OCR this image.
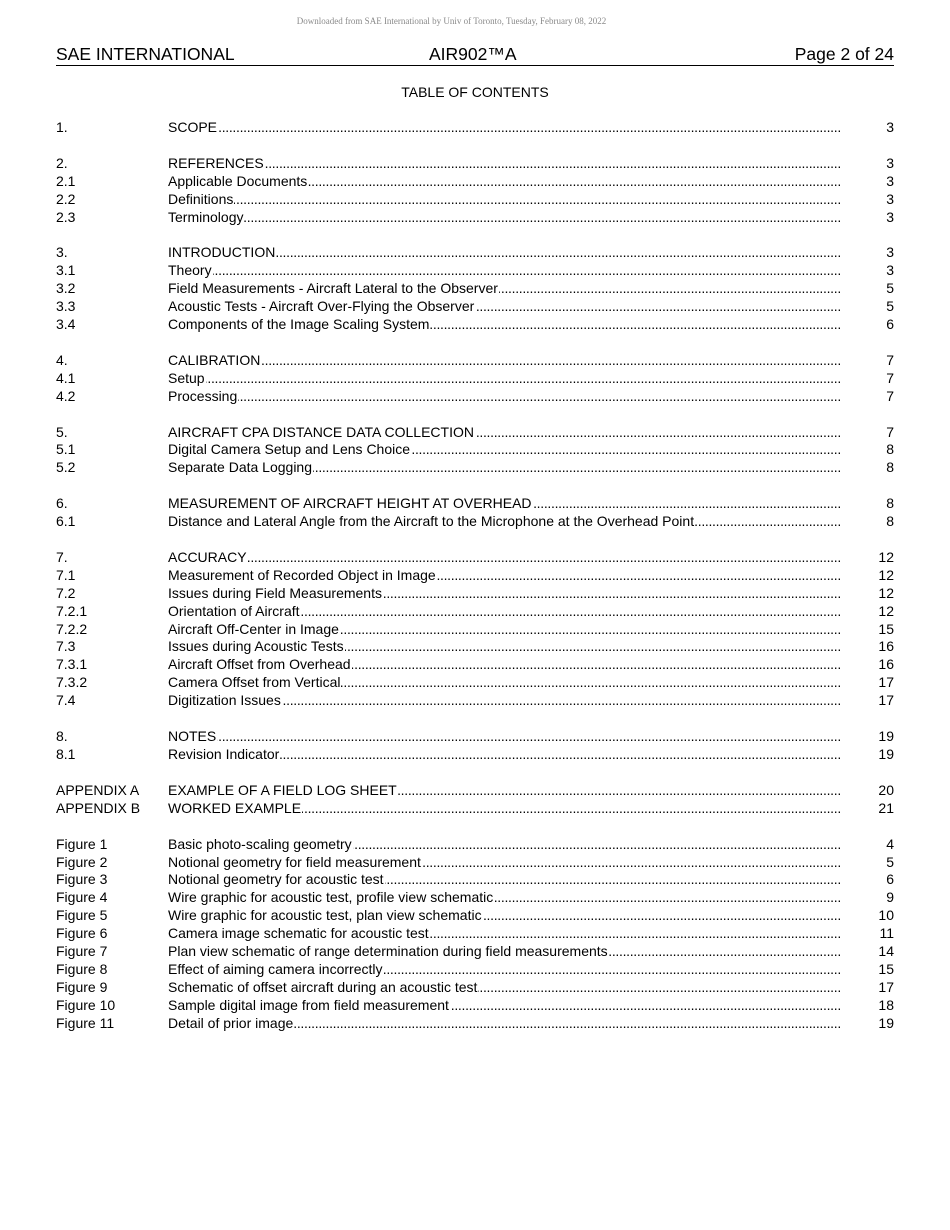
Downloaded from SAE International by Univ of Toronto, Tuesday, February 08, 2022
SAE INTERNATIONAL	AIR902™A	Page 2 of 24
TABLE OF CONTENTS
1.	SCOPE . . .	3
2.	REFERENCES . . .	3
2.1	Applicable Documents . . .	3
2.2	Definitions . . .	3
2.3	Terminology . . .	3
3.	INTRODUCTION . . .	3
3.1	Theory . . .	3
3.2	Field Measurements - Aircraft Lateral to the Observer . . .	5
3.3	Acoustic Tests - Aircraft Over-Flying the Observer . . .	5
3.4	Components of the Image Scaling System . . .	6
4.	CALIBRATION . . .	7
4.1	Setup . . .	7
4.2	Processing . . .	7
5.	AIRCRAFT CPA DISTANCE DATA COLLECTION . . .	7
5.1	Digital Camera Setup and Lens Choice . . .	8
5.2	Separate Data Logging . . .	8
6.	MEASUREMENT OF AIRCRAFT HEIGHT AT OVERHEAD . . .	8
6.1	Distance and Lateral Angle from the Aircraft to the Microphone at the Overhead Point . . .	8
7.	ACCURACY . . .	12
7.1	Measurement of Recorded Object in Image . . .	12
7.2	Issues during Field Measurements . . .	12
7.2.1	Orientation of Aircraft . . .	12
7.2.2	Aircraft Off-Center in Image . . .	15
7.3	Issues during Acoustic Tests . . .	16
7.3.1	Aircraft Offset from Overhead . . .	16
7.3.2	Camera Offset from Vertical . . .	17
7.4	Digitization Issues . . .	17
8.	NOTES . . .	19
8.1	Revision Indicator . . .	19
APPENDIX A	EXAMPLE OF A FIELD LOG SHEET . . .	20
APPENDIX B	WORKED EXAMPLE . . .	21
Figure 1	Basic photo-scaling geometry . . .	4
Figure 2	Notional geometry for field measurement . . .	5
Figure 3	Notional geometry for acoustic test . . .	6
Figure 4	Wire graphic for acoustic test, profile view schematic . . .	9
Figure 5	Wire graphic for acoustic test, plan view schematic . . .	10
Figure 6	Camera image schematic for acoustic test . . .	11
Figure 7	Plan view schematic of range determination during field measurements . . .	14
Figure 8	Effect of aiming camera incorrectly . . .	15
Figure 9	Schematic of offset aircraft during an acoustic test . . .	17
Figure 10	Sample digital image from field measurement . . .	18
Figure 11	Detail of prior image . . .	19
